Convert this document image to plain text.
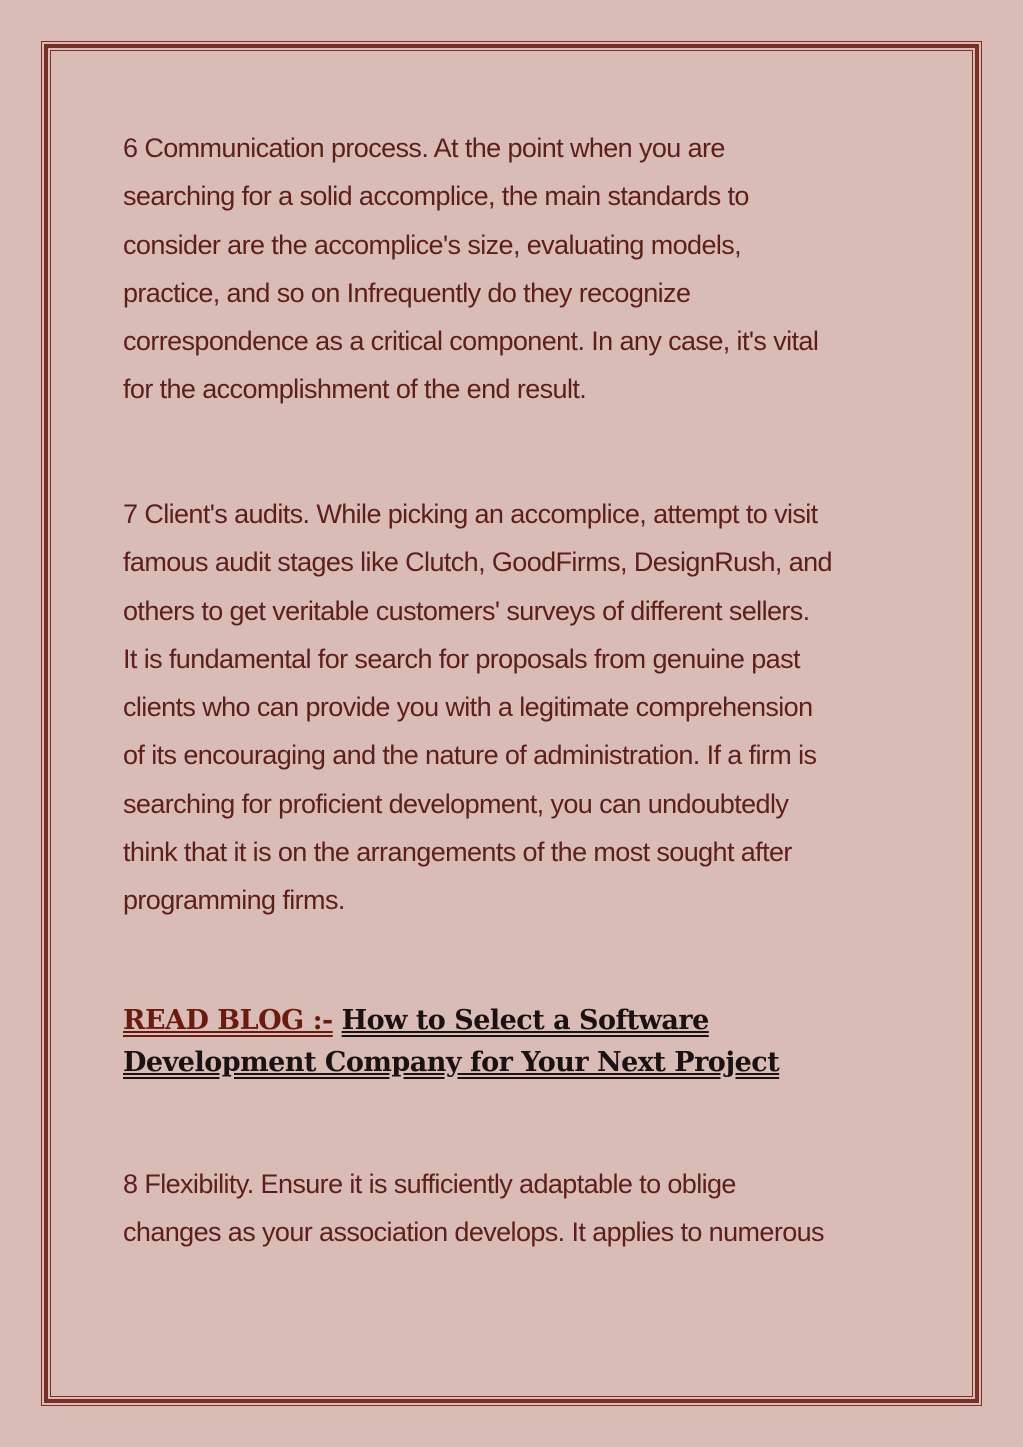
6 Communication process. At the point when you are
searching for a solid accomplice, the main standards to
consider are the accomplice's size, evaluating models,
practice, and so on Infrequently do they recognize
correspondence as a critical component. In any case, it's vital
for the accomplishment of the end result.

7 Client's audits. While picking an accomplice, attempt to visit
famous audit stages like Clutch, GoodFirms, DesignRush, and
others to get veritable customers' surveys of different sellers.
It is fundamental for search for proposals from genuine past
clients who can provide you with a legitimate comprehension
of its encouraging and the nature of administration. If a firm is
searching for proficient development, you can undoubtedly
think that it is on the arrangements of the most sought after
programming firms.

READ BLOG :- How to Select a Software
Development Company for Your Next Project

8 Flexibility. Ensure it is sufficiently adaptable to oblige
changes as your association develops. It applies to numerous
